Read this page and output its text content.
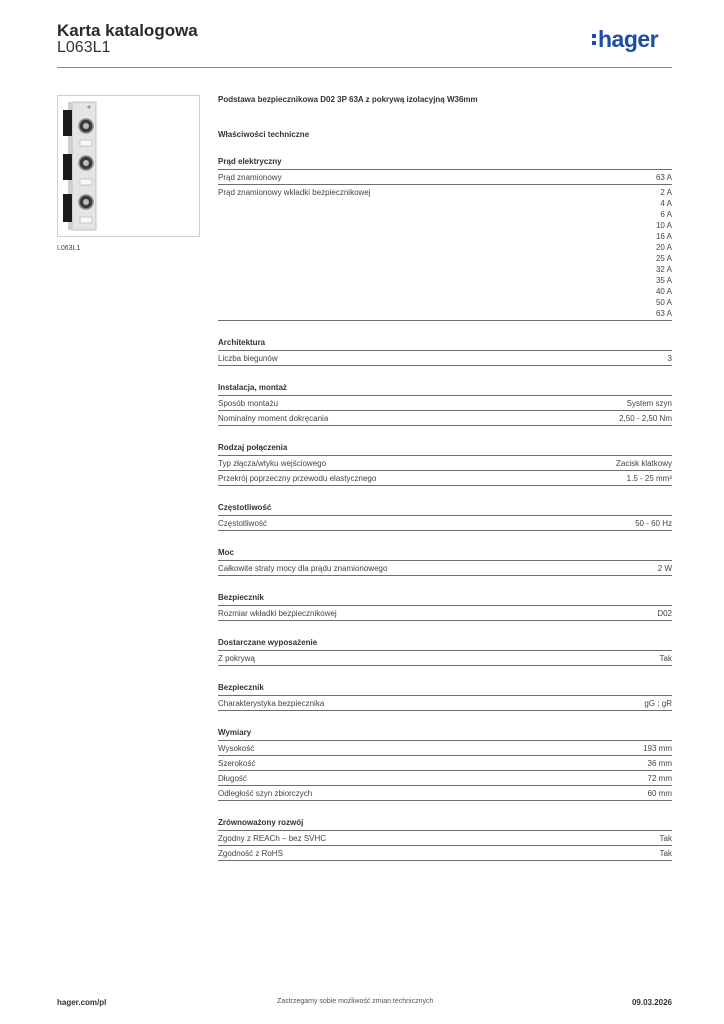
Karta katalogowa
L063L1	hager
L063L1
Podstawa bezpiecznikowa D02 3P 63A z pokrywą izolacyjną W36mm
Właściwości techniczne
Prąd elektryczny
Prąd znamionowy	63 A
Prąd znamionowy wkładki bezpiecznikowej	2 A
4 A
6 A
10 A
16 A
20 A
25 A
32 A
35 A
40 A
50 A
63 A
Architektura
Liczba biegunów	3
Instalacja, montaż
Sposób montażu	System szyn
Nominalny moment dokręcania	2,50 - 2,50 Nm
Rodzaj połączenia
Typ złącza/wtyku wejściowego	Zacisk klatkowy
Przekrój poprzeczny przewodu elastycznego	1.5 - 25 mm²
Częstotliwość
Częstotliwość	50 - 60 Hz
Moc
Całkowite straty mocy dla prądu znamionowego	2 W
Bezpiecznik
Rozmiar wkładki bezpiecznikowej	D02
Dostarczane wyposażenie
Z pokrywą	Tak
Bezpiecznik
Charakterystyka bezpiecznika	gG ; gR
Wymiary
Wysokość	193 mm
Szerokość	36 mm
Długość	72 mm
Odległość szyn zbiorczych	60 mm
Zrównoważony rozwój
Zgodny z REACh – bez SVHC	Tak
Zgodność z RoHS	Tak
hager.com/pl	Zastrzegamy sobie możliwość zmian technicznych	09.03.2026
